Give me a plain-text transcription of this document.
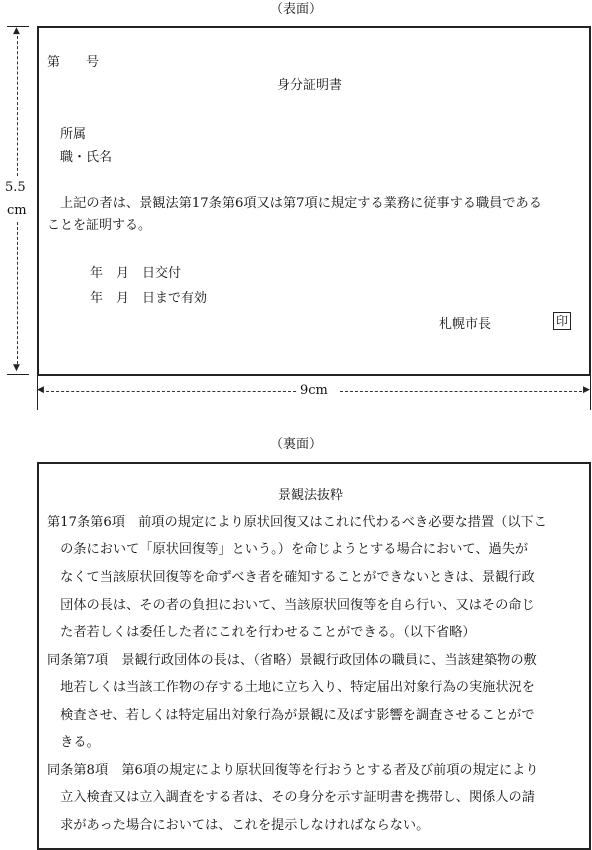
（表面）
▲
5.5
cm
▼
第　　号
身分証明書
所属
職・氏名
上記の者は、景観法第17条第6項又は第7項に規定する業務に従事する職員である
ことを証明する。
年　月　日交付
年　月　日まで有効
札幌市長	印
◀	9cm	▶
（裏面）
景観法抜粋
第17条第6項　前項の規定により原状回復又はこれに代わるべき必要な措置（以下こ
　の条において「原状回復等」という。）を命じようとする場合において、過失が
　なくて当該原状回復等を命ずべき者を確知することができないときは、景観行政
　団体の長は、その者の負担において、当該原状回復等を自ら行い、又はその命じ
　た者若しくは委任した者にこれを行わせることができる。（以下省略）
同条第7項　景観行政団体の長は、（省略）景観行政団体の職員に、当該建築物の敷
　地若しくは当該工作物の存する土地に立ち入り、特定届出対象行為の実施状況を
　検査させ、若しくは特定届出対象行為が景観に及ぼす影響を調査させることがで
　きる。
同条第8項　第6項の規定により原状回復等を行おうとする者及び前項の規定により
　立入検査又は立入調査をする者は、その身分を示す証明書を携帯し、関係人の請
　求があった場合においては、これを提示しなければならない。
